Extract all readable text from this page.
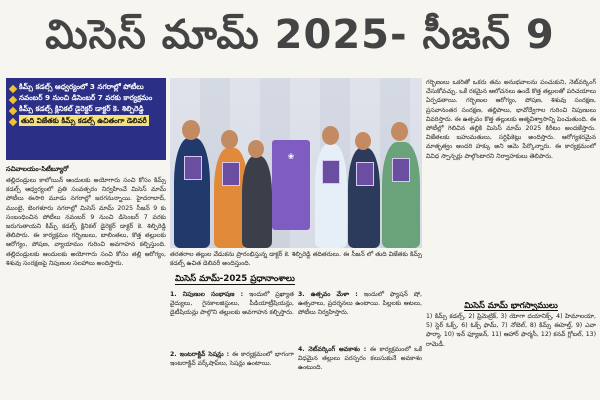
మిసెస్ మామ్ 2025- సీజన్ 9
కిమ్స్ కడల్స్ ఆధ్వర్యంలో 3 నగరాల్లో పోటీలు
నవంబర్ 9 నుంచి డిసెంబర్ 7 వరకు కార్యక్రమం
కిమ్స్ కడల్స్ క్లినికల్ డైరెక్టర్ డాక్టర్ కె. శిల్పిరెడ్డి
తుది విజేతకు కిమ్స్ కడల్స్ ఉచితంగా డెలివరీ
సచివాలయం-సిటీబ్యూరో
తల్లిదండ్రులు కాలోయిన్ ఆందులకు అయోగారు సంచి కోసం కిమ్స్ కడల్స్ ఆధ్వర్యంలో ప్రతి సంవత్సరం నిర్వహించే మిసెస్ మామ్ పోటీలు ఈసారి మూడు నగరాల్లో జరగనున్నాయి. హైదరాబాద్, ముంబై, బెంగళూరు నగరాల్లో మిసెస్ మామ్ 2025 సీజన్ 9 కు సంబంధించిన పోటీలు నవంబర్ 9 నుంచి డిసెంబర్ 7 వరకు జరుగుతాయని కిమ్స్ కడల్స్ క్లినికల్ డైరెక్టర్ డాక్టర్ కె. శిల్పిరెడ్డి తెలిపారు. ఈ కార్యక్రమం గర్భిణులు, బాలింతలు, కొత్త తల్లులకు ఆరోగ్యం, పోషణ, వ్యాయామం గురించి అవగాహన కల్పిస్తుంది. తల్లిదండ్రులకు ఆందులకు అయోగారు సంచి కోసం తల్లి ఆరోగ్యం, శిశువు సంరక్షణపై నిపుణుల సలహాలు అందిస్తారు.
❀
తరతరాల తల్లుల వేడుకను ప్రారంభిస్తున్న డాక్టర్ కె. శిల్పిరెడ్డి తదితరులు. ఈ సీజన్ లో తుది విజేతకు కిమ్స్ కడల్స్ ఉచిత డెలివరీ అందిస్తుంది.
మిసెస్ మామ్-2025 ప్రధానాంశాలు
1. నిపుణుల సంభాషణ : ఇందులో ప్రఖ్యాత వైద్యులు, గైనకాలజిస్టులు, పీడియాట్రీషియన్లు, డైటీషియన్లు పాల్గొని తల్లులకు అవగాహన కల్పిస్తారు.
2. ఇంటరాక్టివ్ సెషన్లు : ఈ కార్యక్రమంలో భాగంగా ఇంటరాక్టివ్ వర్క్‌షాప్‌లు, సెషన్లు ఉంటాయి.
3. ఉత్సవం మేళా : ఇందులో ఫ్యాషన్ షో, ఉత్సవాలు, ప్రదర్శనలు ఉంటాయి. పిల్లలకు ఆటలు, పోటీలు నిర్వహిస్తారు.
4. నెట్‌వర్కింగ్ అవకాశం : ఈ కార్యక్రమంలో ఒకే విధమైన తల్లులు పరస్పరం కలుసుకునే అవకాశం ఉంటుంది.
గర్భిణులు ఒకరితో ఒకరు తమ అనుభవాలను పంచుకుని, నెట్‌వర్కింగ్ చేసుకోవచ్చు. ఒకే రకమైన ఆలోచనలు ఉండే కొత్త తల్లులతో పరిచయాలు ఏర్పడతాయి. గర్భిణుల ఆరోగ్యం, పోషణ, శిశువు సంరక్షణ, ప్రసవానంతర సంరక్షణ, తల్లిపాలు, భావోద్వేగాల గురించి నిపుణులు వివరిస్తారు. ఈ ఉత్సవం కొత్త తల్లులకు ఆత్మవిశ్వాసాన్ని పెంచుతుంది. ఈ పోటీల్లో గెలిచిన తల్లికి మిసెస్ మామ్ 2025 కిరీటం అందజేస్తారు. విజేతలకు బహుమతులు, సర్టిఫికెట్లు అందిస్తారు. ఆరోగ్యకరమైన మాతృత్వం అందరి హక్కు అని ఆమె పేర్కొన్నారు. ఈ కార్యక్రమంలో వివిధ స్పాన్సర్లు పాల్గొంటారని నిర్వాహకులు తెలిపారు.
మిసెస్ మామ్ భాగస్వాములు
1) కిమ్స్ కడల్స్, 2) ఫ్రిమెట్రిక్, 3) యోగా దయానిక్స్, 4) హిమాలయా, 5) స్టెర్ ఓక్స్, 6) ఓక్స్ ఫామ్, 7) నోబెల్, 8) కిమ్స్ ఈహెల్త్, 9) ఎవా ఫార్మా, 10) ఇన్ ఫ్యూజన్, 11) ఆహార్ ఫార్మసీ, 12) కనవ్ గ్లోబల్, 13) రామెడీ.
